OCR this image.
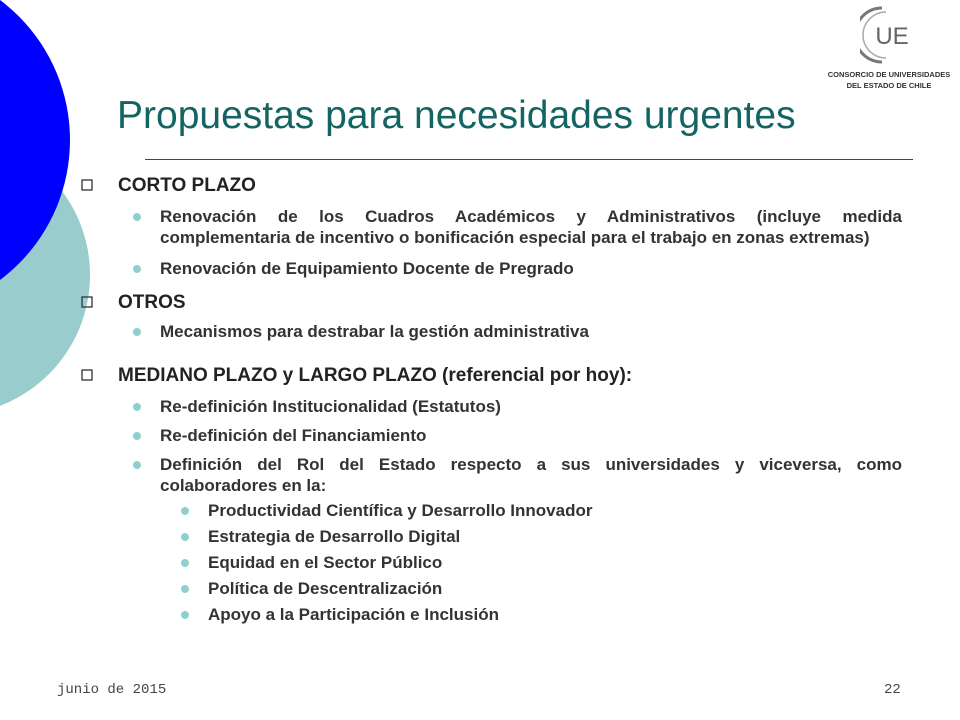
UE
CONSORCIO DE UNIVERSIDADES
DEL ESTADO DE CHILE
Propuestas para necesidades urgentes
CORTO PLAZO
Renovación de los Cuadros Académicos y Administrativos (incluye medida complementaria de incentivo o bonificación especial para el trabajo en zonas extremas)
Renovación de Equipamiento Docente de Pregrado
OTROS
Mecanismos para destrabar la gestión administrativa
MEDIANO PLAZO y LARGO PLAZO (referencial por hoy):
Re-definición Institucionalidad (Estatutos)
Re-definición del Financiamiento
Definición del Rol del Estado respecto a sus universidades y viceversa, como colaboradores en la:
Productividad Científica y Desarrollo Innovador
Estrategia de Desarrollo Digital
Equidad en el Sector Público
Política de Descentralización
Apoyo a la Participación e Inclusión
junio de 2015	22
